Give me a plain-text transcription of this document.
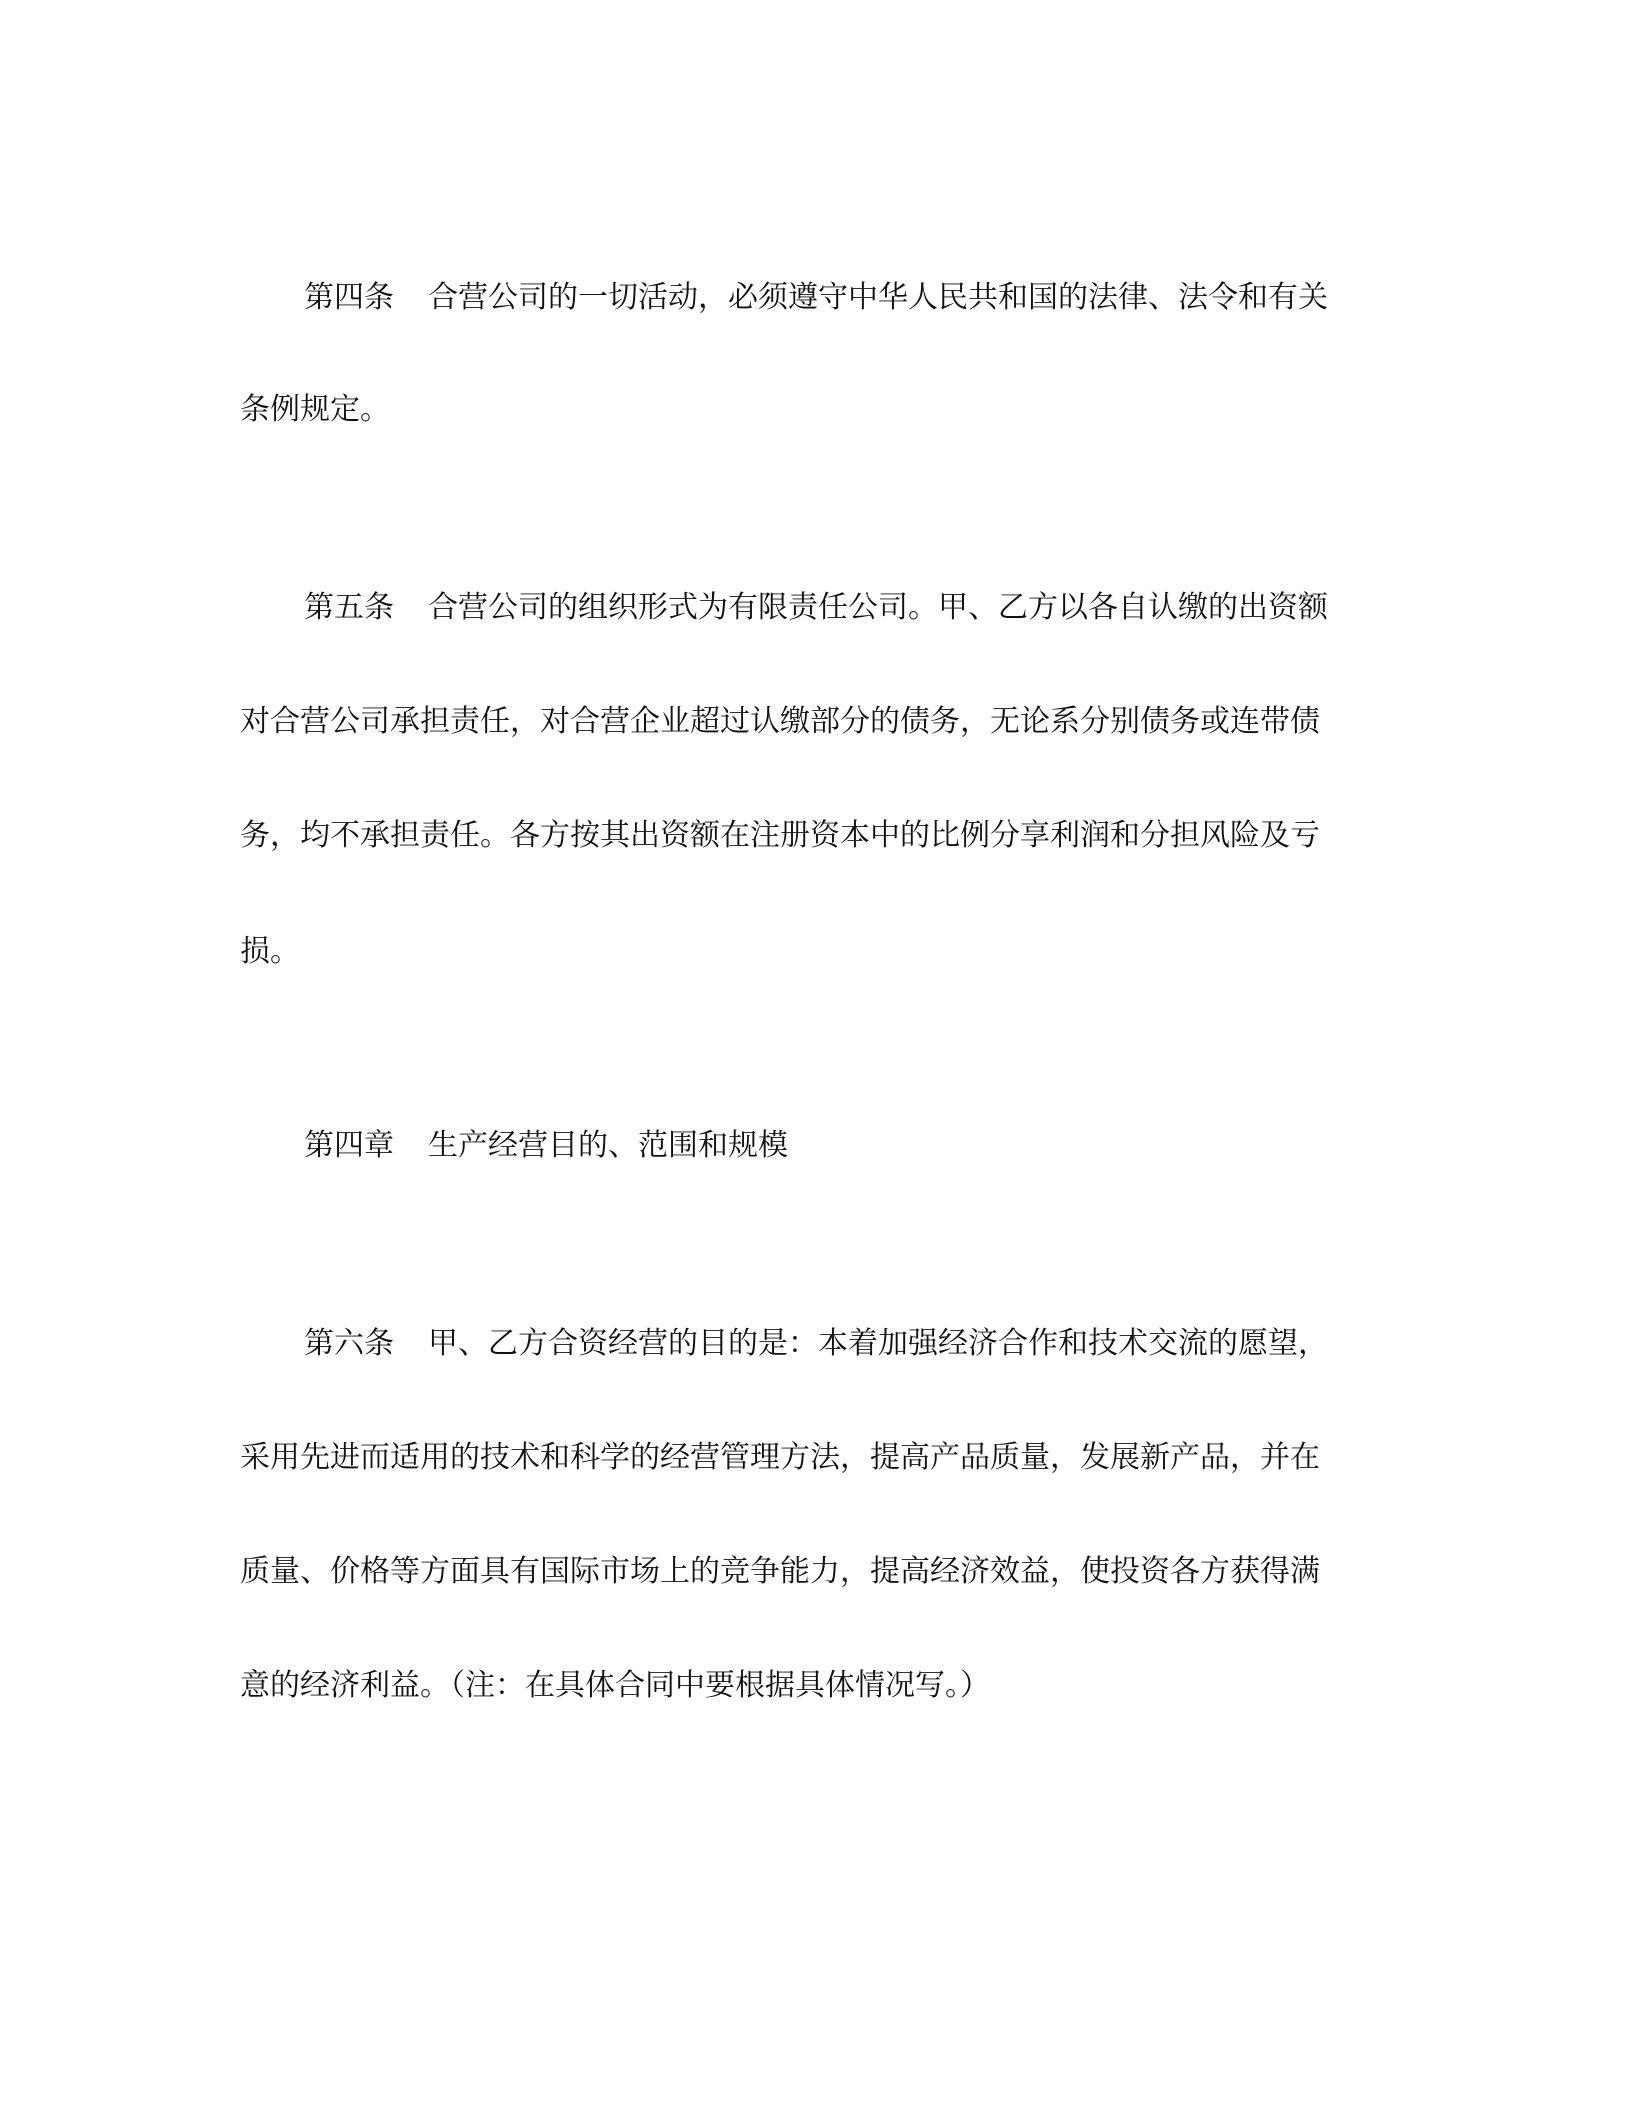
第四条 合营公司的一切活动，必须遵守中华人民共和国的法律、法令和有关
条例规定。
第五条 合营公司的组织形式为有限责任公司。甲、乙方以各自认缴的出资额
对合营公司承担责任，对合营企业超过认缴部分的债务，无论系分别债务或连带债
务，均不承担责任。各方按其出资额在注册资本中的比例分享利润和分担风险及亏
损。
第四章 生产经营目的、范围和规模
第六条 甲、乙方合资经营的目的是：本着加强经济合作和技术交流的愿望，
采用先进而适用的技术和科学的经营管理方法，提高产品质量，发展新产品，并在
质量、价格等方面具有国际市场上的竞争能力，提高经济效益，使投资各方获得满
意的经济利益。（注：在具体合同中要根据具体情况写。）
